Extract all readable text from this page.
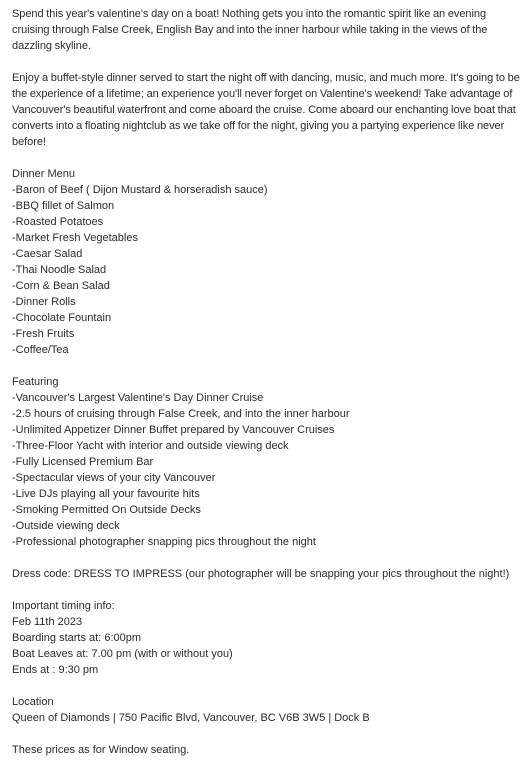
Spend this year's valentine's day on a boat! Nothing gets you into the romantic spirit like an evening cruising through False Creek, English Bay and into the inner harbour while taking in the views of the dazzling skyline.

Enjoy a buffet-style dinner served to start the night off with dancing, music, and much more. It's going to be the experience of a lifetime; an experience you'll never forget on Valentine's weekend! Take advantage of Vancouver's beautiful waterfront and come aboard the cruise. Come aboard our enchanting love boat that converts into a floating nightclub as we take off for the night, giving you a partying experience like never before!

Dinner Menu

-Baron of Beef ( Dijon Mustard & horseradish sauce)
-BBQ fillet of Salmon
-Roasted Potatoes
-Market Fresh Vegetables
-Caesar Salad
-Thai Noodle Salad
-Corn & Bean Salad
-Dinner Rolls
-Chocolate Fountain
-Fresh Fruits
-Coffee/Tea

Featuring

-Vancouver's Largest Valentine's Day Dinner Cruise
-2.5 hours of cruising through False Creek, and into the inner harbour
-Unlimited Appetizer Dinner Buffet prepared by Vancouver Cruises
-Three-Floor Yacht with interior and outside viewing deck
-Fully Licensed Premium Bar
-Spectacular views of your city Vancouver
-Live DJs playing all your favourite hits
-Smoking Permitted On Outside Decks
-Outside viewing deck
-Professional photographer snapping pics throughout the night

Dress code: DRESS TO IMPRESS (our photographer will be snapping your pics throughout the night!)

Important timing info:

Feb 11th 2023

Boarding starts at: 6:00pm

Boat Leaves at: 7.00 pm (with or without you)

Ends at : 9:30 pm

Location

Queen of Diamonds | 750 Pacific Blvd, Vancouver, BC V6B 3W5 | Dock B

These prices as for Window seating.
